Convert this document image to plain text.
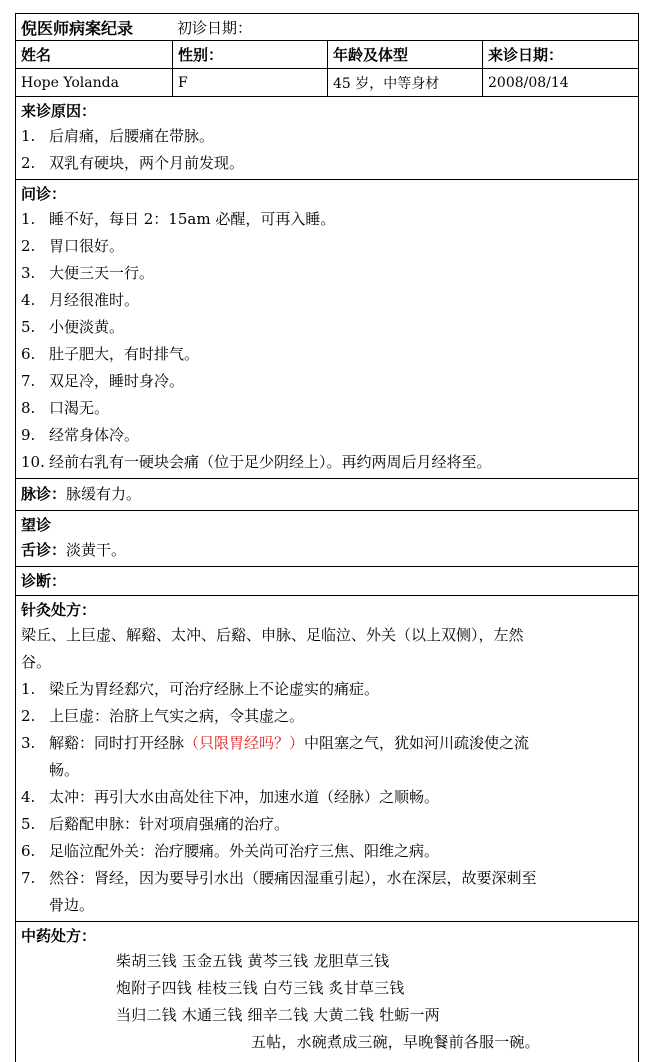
倪医师病案纪录	初诊日期：
姓名	性别：	年龄及体型	来诊日期：
Hope Yolanda	F	45 岁，中等身材	2008/08/14
来诊原因：
1. 后肩痛，后腰痛在带脉。
2. 双乳有硬块，两个月前发现。
问诊：
1. 睡不好，每日 2：15am 必醒，可再入睡。
2. 胃口很好。
3. 大便三天一行。
4. 月经很准时。
5. 小便淡黄。
6. 肚子肥大，有时排气。
7. 双足冷，睡时身冷。
8. 口渴无。
9. 经常身体冷。
10. 经前右乳有一硬块会痛（位于足少阴经上）。再约两周后月经将至。
脉诊：脉缓有力。
望诊
舌诊：淡黄干。
诊断：
针灸处方：
梁丘、上巨虚、解谿、太冲、后谿、申脉、足临泣、外关（以上双侧），左然
谷。
1. 梁丘为胃经郄穴，可治疗经脉上不论虚实的痛症。
2. 上巨虚：治脐上气实之病，令其虚之。
3. 解谿：同时打开经脉（只限胃经吗？）中阻塞之气，犹如河川疏浚使之流
畅。
4. 太冲：再引大水由高处往下冲，加速水道（经脉）之顺畅。
5. 后谿配申脉：针对项肩强痛的治疗。
6. 足临泣配外关：治疗腰痛。外关尚可治疗三焦、阳维之病。
7. 然谷：肾经，因为要导引水出（腰痛因湿重引起），水在深层，故要深刺至
骨边。
中药处方：
柴胡三钱 玉金五钱 黄芩三钱 龙胆草三钱
炮附子四钱 桂枝三钱 白芍三钱 炙甘草三钱
当归二钱 木通三钱 细辛二钱 大黄二钱 牡蛎一两
五帖，水碗煮成三碗，早晚餐前各服一碗。
